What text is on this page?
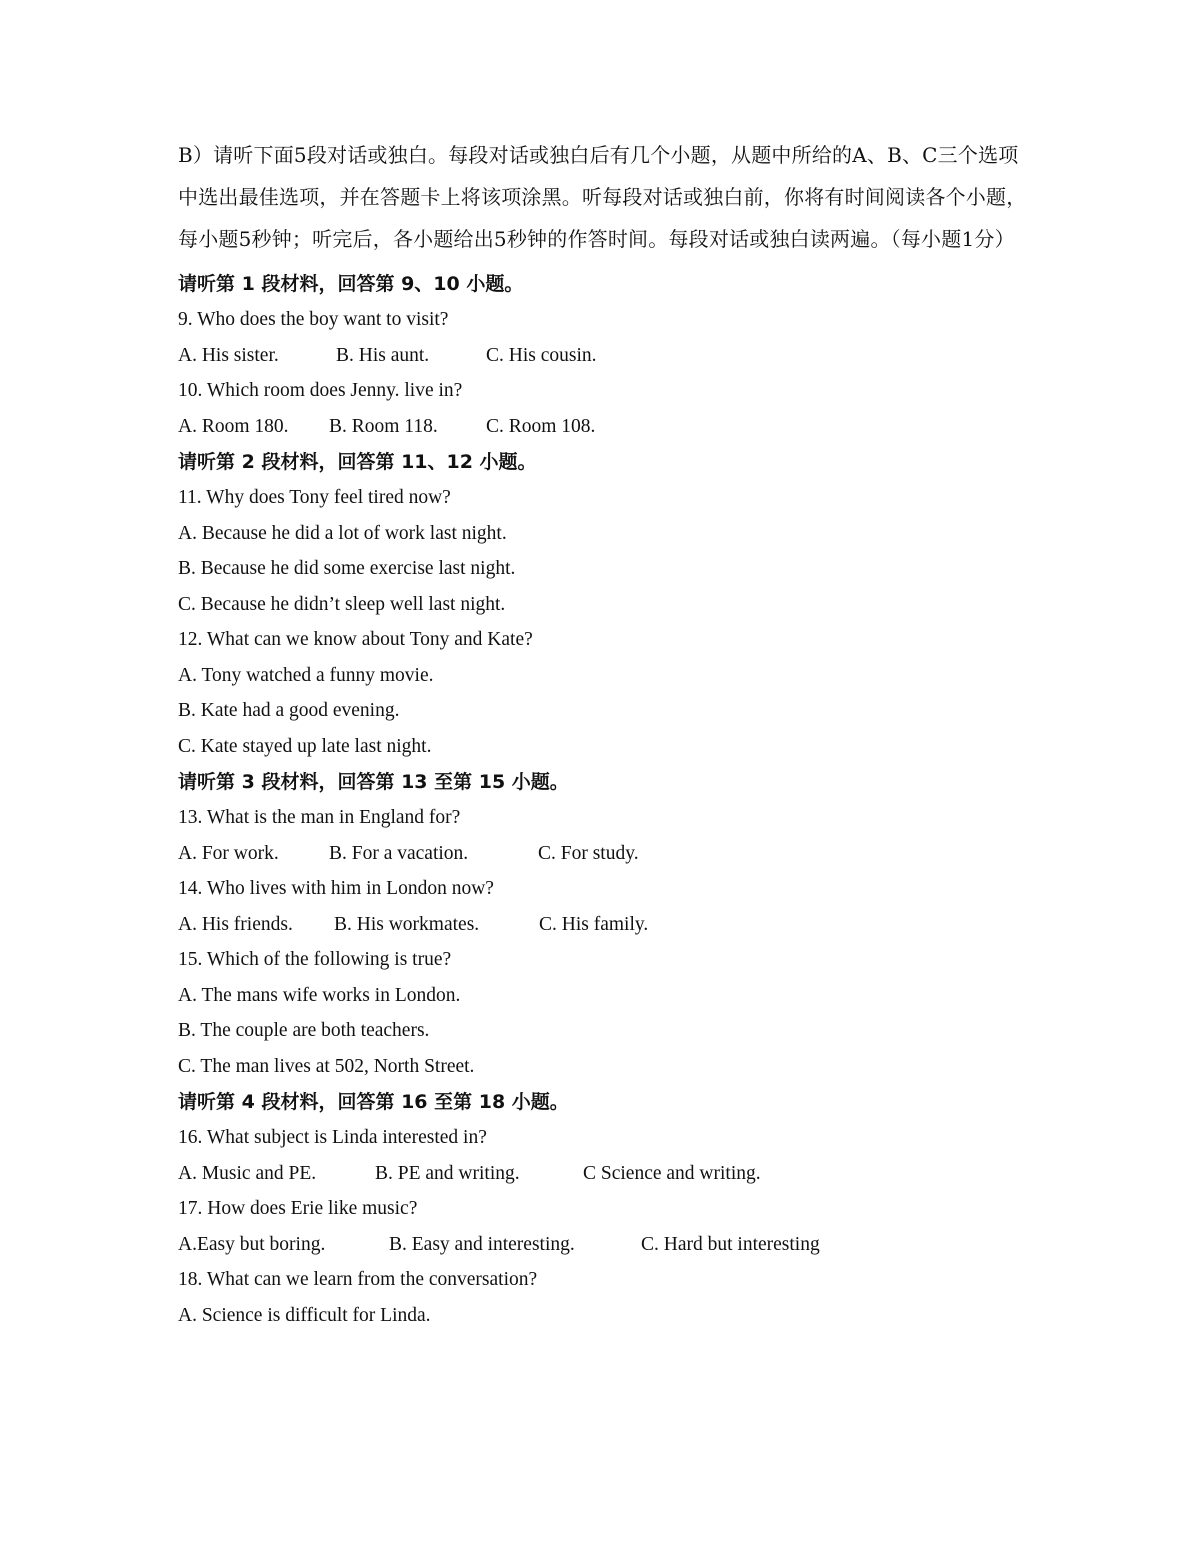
B）请听下面5段对话或独白。每段对话或独白后有几个小题，从题中所给的A、B、C三个选项中选出最佳选项，并在答题卡上将该项涂黑。听每段对话或独白前，你将有时间阅读各个小题，每小题5秒钟；听完后，各小题给出5秒钟的作答时间。每段对话或独白读两遍。（每小题1分）

请听第 1 段材料，回答第 9、10 小题。

9. Who does the boy want to visit?

A. His sister.	B. His aunt.	C. His cousin.

10. Which room does Jenny. live in?

A. Room 180.	B. Room 118.	C. Room 108.

请听第 2 段材料，回答第 11、12 小题。

11. Why does Tony feel tired now?

A. Because he did a lot of work last night.

B. Because he did some exercise last night.

C. Because he didn’t sleep well last night.

12. What can we know about Tony and Kate?

A. Tony watched a funny movie.

B. Kate had a good evening.

C. Kate stayed up late last night.

请听第 3 段材料，回答第 13 至第 15 小题。

13. What is the man in England for?

A. For work.	B. For a vacation.	C. For study.

14. Who lives with him in London now?

A. His friends.	B. His workmates.	C. His family.

15. Which of the following is true?

A. The mans wife works in London.

B. The couple are both teachers.

C. The man lives at 502, North Street.

请听第 4 段材料，回答第 16 至第 18 小题。

16. What subject is Linda interested in?

A. Music and PE.	B. PE and writing.	C Science and writing.

17. How does Erie like music?

A.Easy but boring.	B. Easy and interesting.	C. Hard but interesting

18. What can we learn from the conversation?

A. Science is difficult for Linda.
